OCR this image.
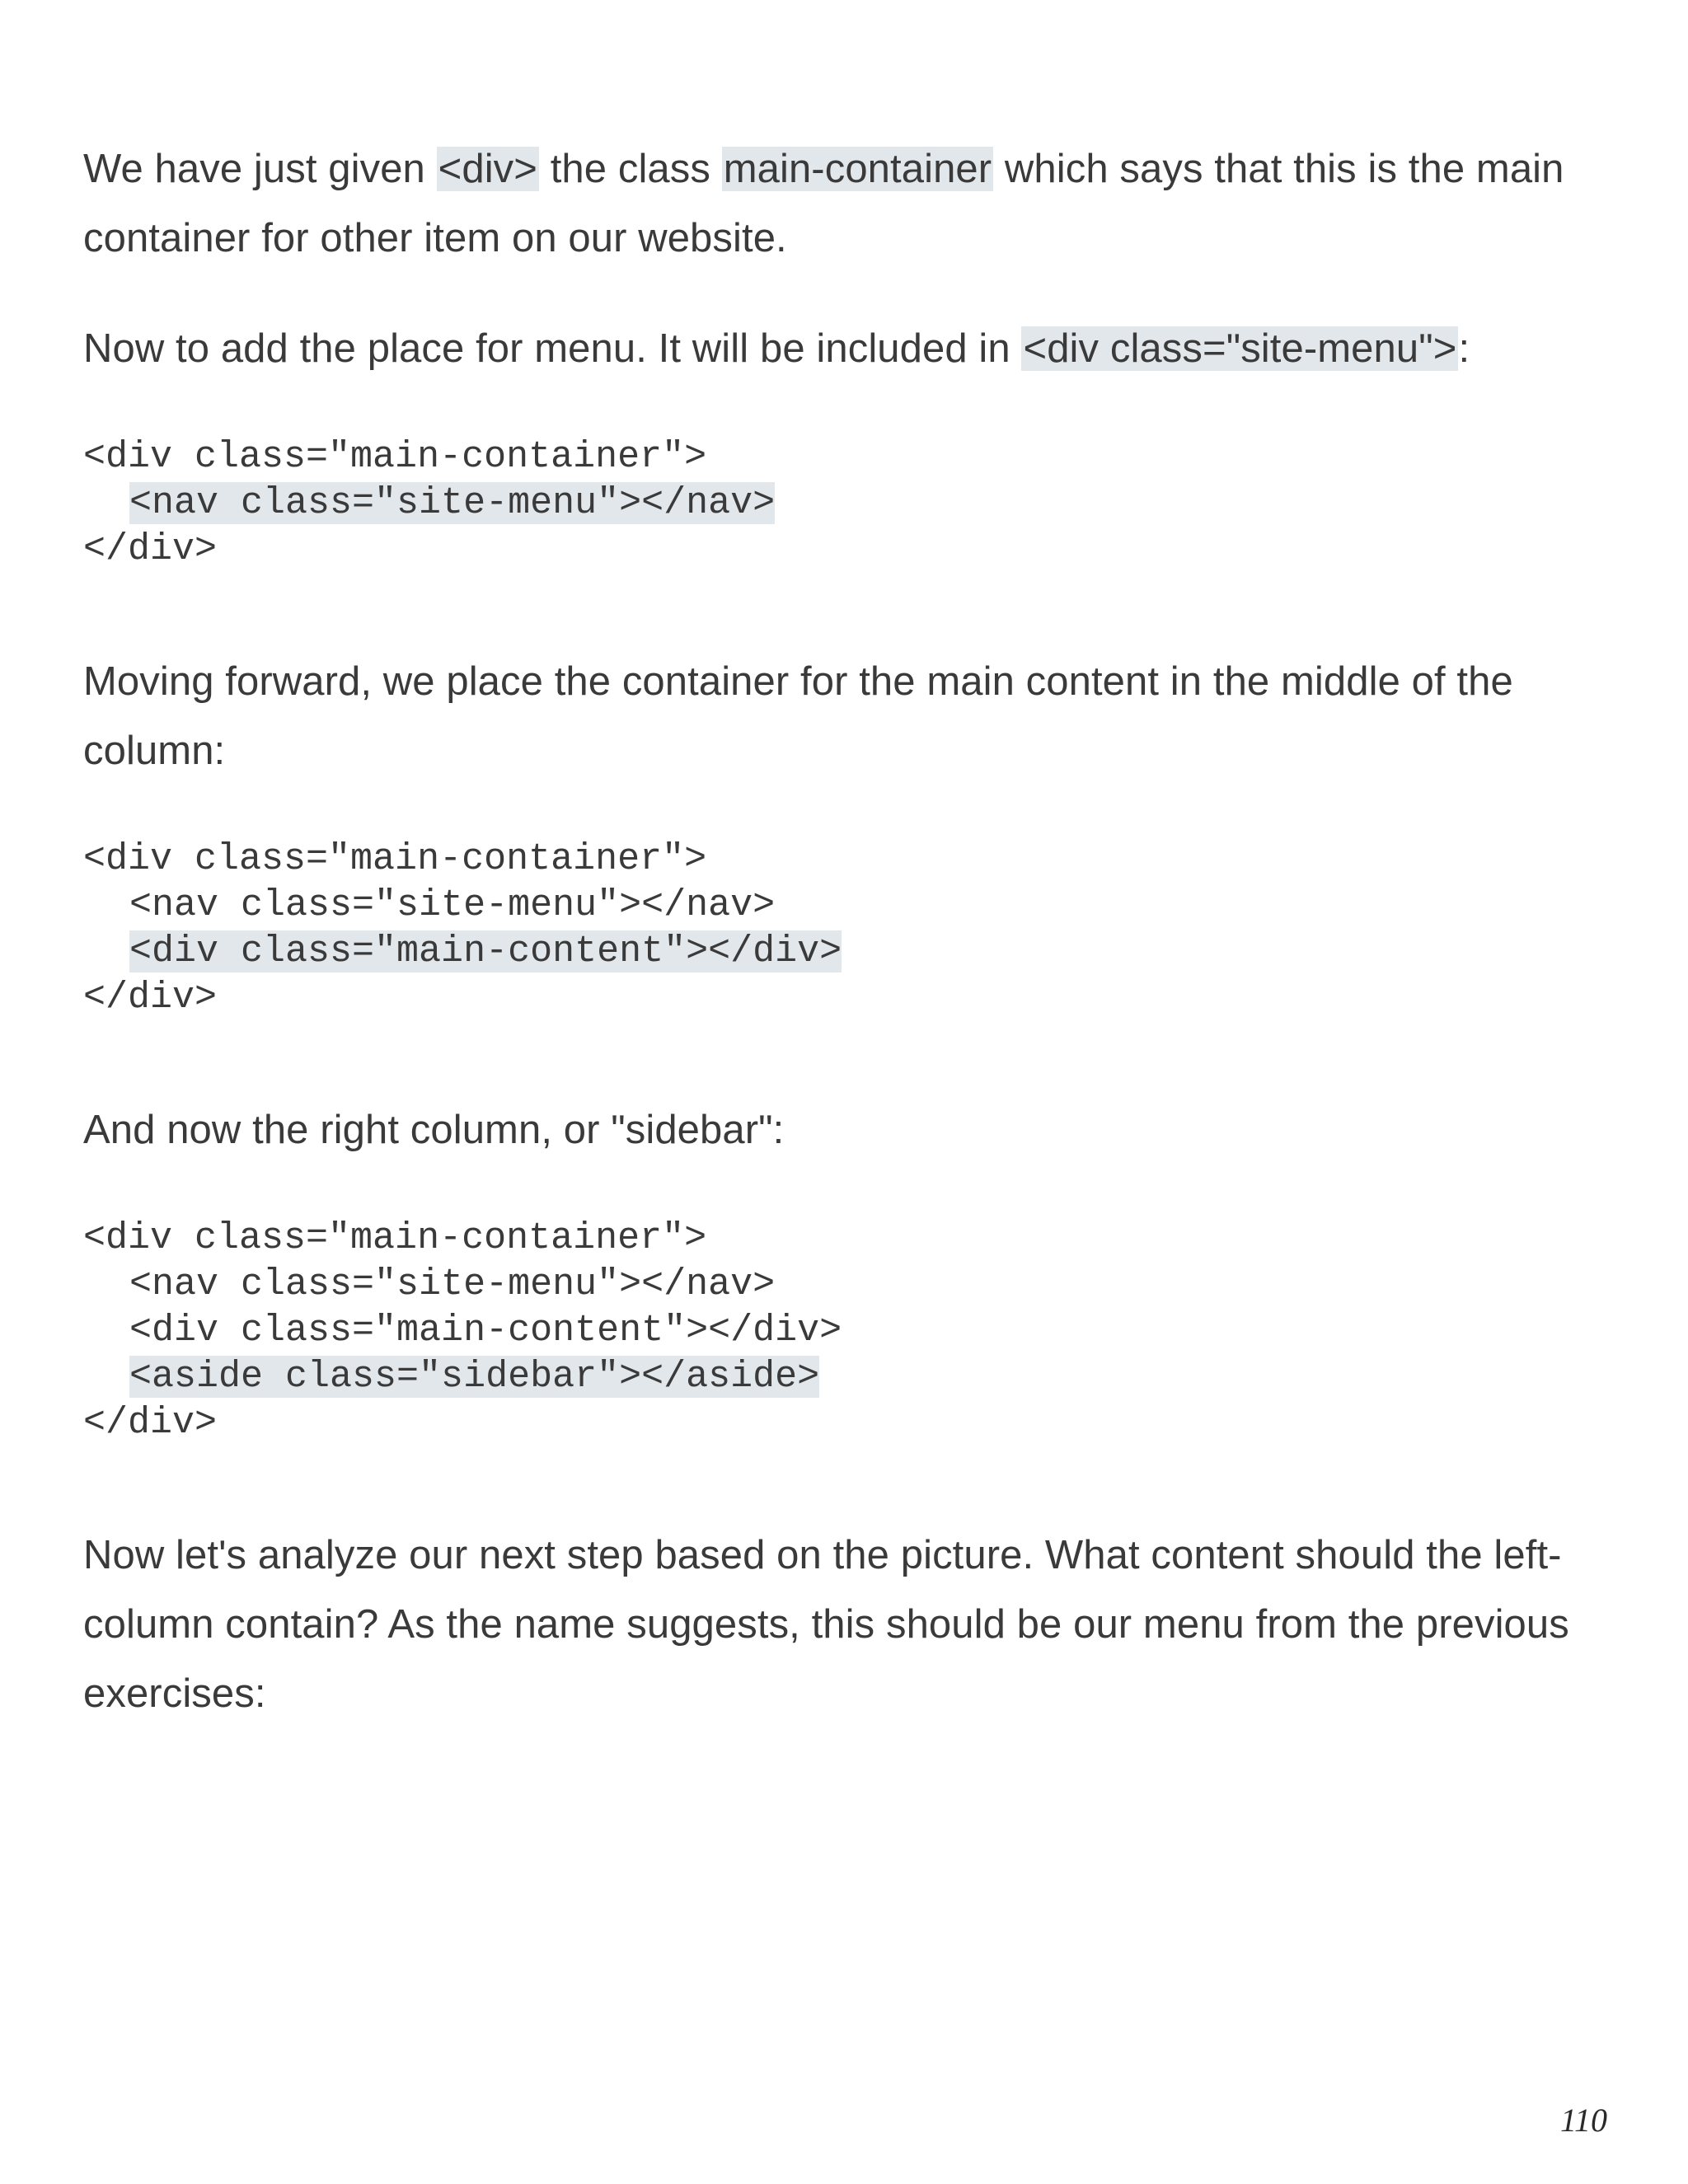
We have just given <div> the class main-container which says that this is the main container for other item on our website.

Now to add the place for menu. It will be included in <div class="site-menu">:

<div class="main-container">
<nav class="site-menu"></nav>
</div>

Moving forward, we place the container for the main content in the middle of the column:

<div class="main-container">
<nav class="site-menu"></nav>
<div class="main-content"></div>
</div>

And now the right column, or "sidebar":

<div class="main-container">
<nav class="site-menu"></nav>
<div class="main-content"></div>
<aside class="sidebar"></aside>
</div>

Now let's analyze our next step based on the picture. What content should the left-column contain? As the name suggests, this should be our menu from the previous exercises:

110
